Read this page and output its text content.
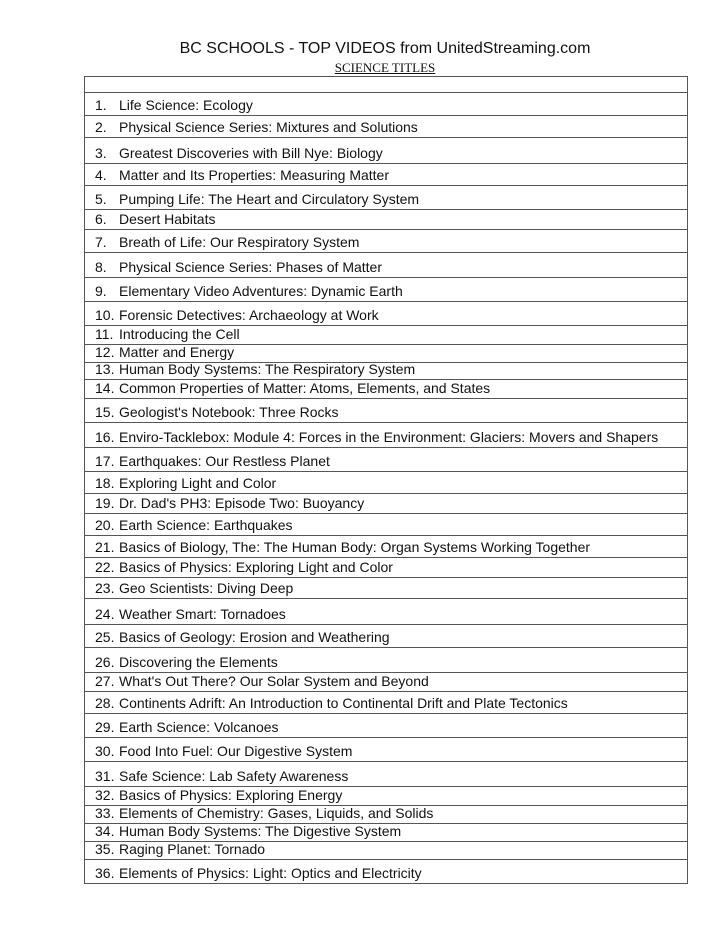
BC SCHOOLS - TOP VIDEOS from UnitedStreaming.com
SCIENCE TITLES
1. Life Science: Ecology
2. Physical Science Series: Mixtures and Solutions
3. Greatest Discoveries with Bill Nye: Biology
4. Matter and Its Properties: Measuring Matter
5. Pumping Life: The Heart and Circulatory System
6. Desert Habitats
7. Breath of Life: Our Respiratory System
8. Physical Science Series: Phases of Matter
9. Elementary Video Adventures: Dynamic Earth
10. Forensic Detectives: Archaeology at Work
11. Introducing the Cell
12. Matter and Energy
13. Human Body Systems: The Respiratory System
14. Common Properties of Matter: Atoms, Elements, and States
15. Geologist's Notebook: Three Rocks
16. Enviro-Tacklebox: Module 4: Forces in the Environment: Glaciers: Movers and Shapers
17. Earthquakes: Our Restless Planet
18. Exploring Light and Color
19. Dr. Dad's PH3: Episode Two: Buoyancy
20. Earth Science: Earthquakes
21. Basics of Biology, The: The Human Body: Organ Systems Working Together
22. Basics of Physics: Exploring Light and Color
23. Geo Scientists: Diving Deep
24. Weather Smart: Tornadoes
25. Basics of Geology: Erosion and Weathering
26. Discovering the Elements
27. What's Out There? Our Solar System and Beyond
28. Continents Adrift: An Introduction to Continental Drift and Plate Tectonics
29. Earth Science: Volcanoes
30. Food Into Fuel: Our Digestive System
31. Safe Science: Lab Safety Awareness
32. Basics of Physics: Exploring Energy
33. Elements of Chemistry: Gases, Liquids, and Solids
34. Human Body Systems: The Digestive System
35. Raging Planet: Tornado
36. Elements of Physics: Light: Optics and Electricity
